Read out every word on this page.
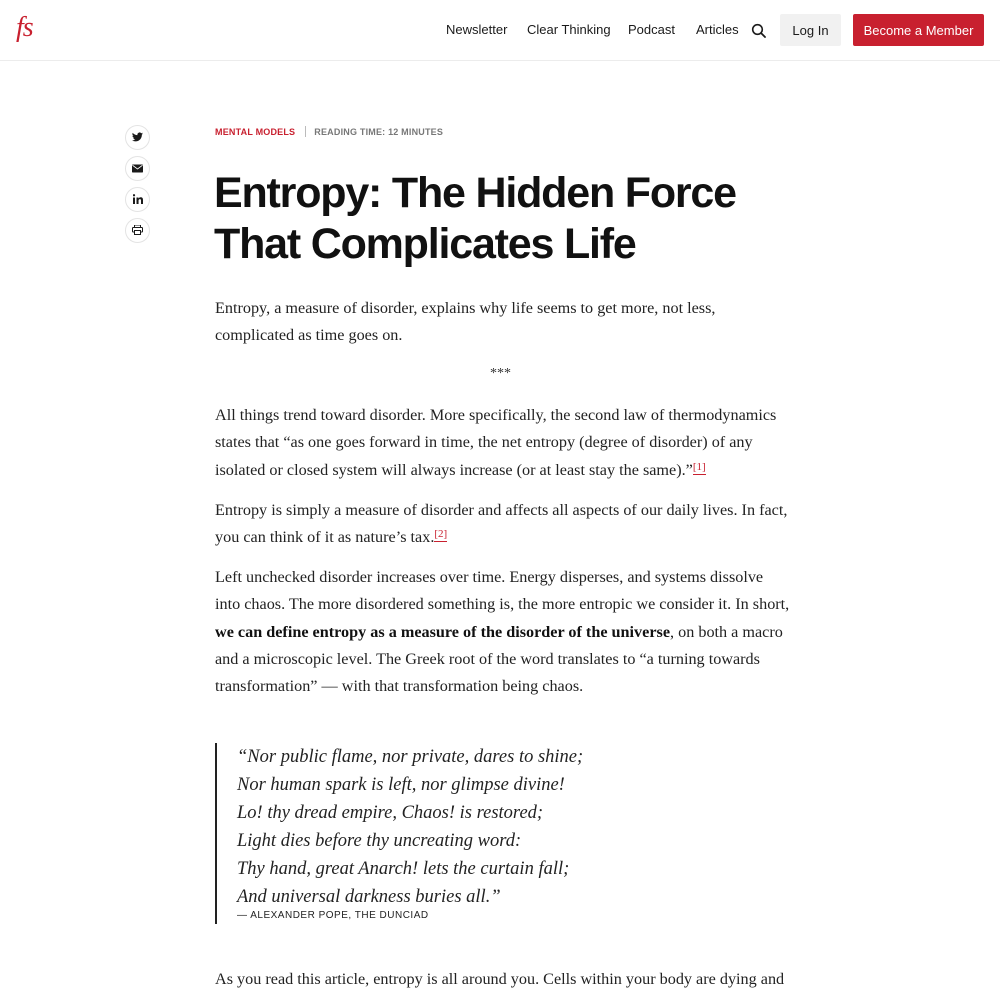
fs	Newsletter Clear Thinking Podcast Articles	Log In	Become a Member
MENTAL MODELS READING TIME: 12 MINUTES
Entropy: The Hidden Force That Complicates Life

Entropy, a measure of disorder, explains why life seems to get more, not less, complicated as time goes on.

***

All things trend toward disorder. More specifically, the second law of thermodynamics states that “as one goes forward in time, the net entropy (degree of disorder) of any isolated or closed system will always increase (or at least stay the same).”[1]

Entropy is simply a measure of disorder and affects all aspects of our daily lives. In fact, you can think of it as nature’s tax.[2]

Left unchecked disorder increases over time. Energy disperses, and systems dissolve into chaos. The more disordered something is, the more entropic we consider it. In short, we can define entropy as a measure of the disorder of the universe, on both a macro and a microscopic level. The Greek root of the word translates to “a turning towards transformation” — with that transformation being chaos.

“Nor public flame, nor private, dares to shine;
Nor human spark is left, nor glimpse divine!
Lo! thy dread empire, Chaos! is restored;
Light dies before thy uncreating word:
Thy hand, great Anarch! lets the curtain fall;
And universal darkness buries all.”
— ALEXANDER POPE, THE DUNCIAD

As you read this article, entropy is all around you. Cells within your body are dying and
